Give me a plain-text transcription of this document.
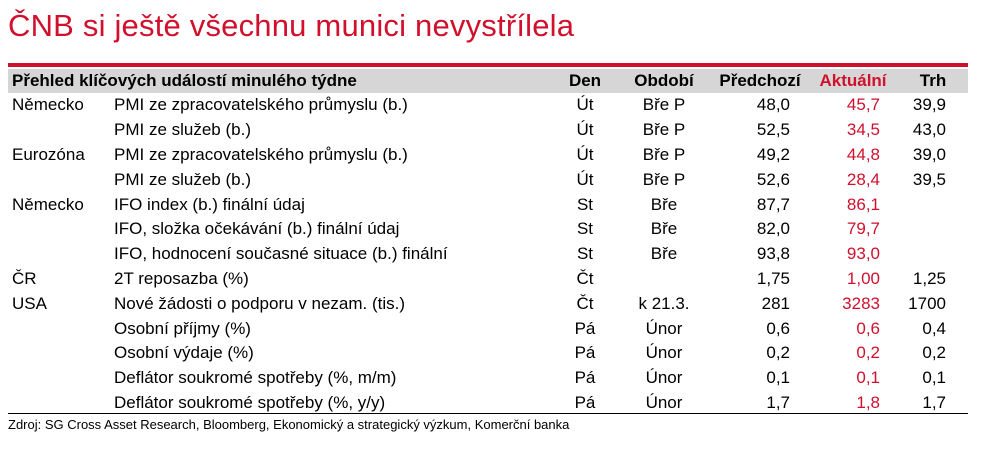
ČNB si ještě všechnu munici nevystřílela
Přehled klíčových událostí minulého týdne		Den	Období	Předchozí	Aktuální	Trh
Německo	PMI ze zpracovatelského průmyslu (b.)	Út	Bře P	48,0	45,7	39,9
	PMI ze služeb (b.)	Út	Bře P	52,5	34,5	43,0
Eurozóna	PMI ze zpracovatelského průmyslu (b.)	Út	Bře P	49,2	44,8	39,0
	PMI ze služeb (b.)	Út	Bře P	52,6	28,4	39,5
Německo	IFO index (b.) finální údaj	St	Bře	87,7	86,1	
	IFO, složka očekávání (b.) finální údaj	St	Bře	82,0	79,7	
	IFO, hodnocení současné situace (b.) finální	St	Bře	93,8	93,0	
ČR	2T reposazba (%)	Čt		1,75	1,00	1,25
USA	Nové žádosti o podporu v nezam. (tis.)	Čt	k 21.3.	281	3283	1700
	Osobní příjmy (%)	Pá	Únor	0,6	0,6	0,4
	Osobní výdaje (%)	Pá	Únor	0,2	0,2	0,2
	Deflátor soukromé spotřeby (%, m/m)	Pá	Únor	0,1	0,1	0,1
	Deflátor soukromé spotřeby (%, y/y)	Pá	Únor	1,7	1,8	1,7
Zdroj: SG Cross Asset Research, Bloomberg, Ekonomický a strategický výzkum, Komerční banka
